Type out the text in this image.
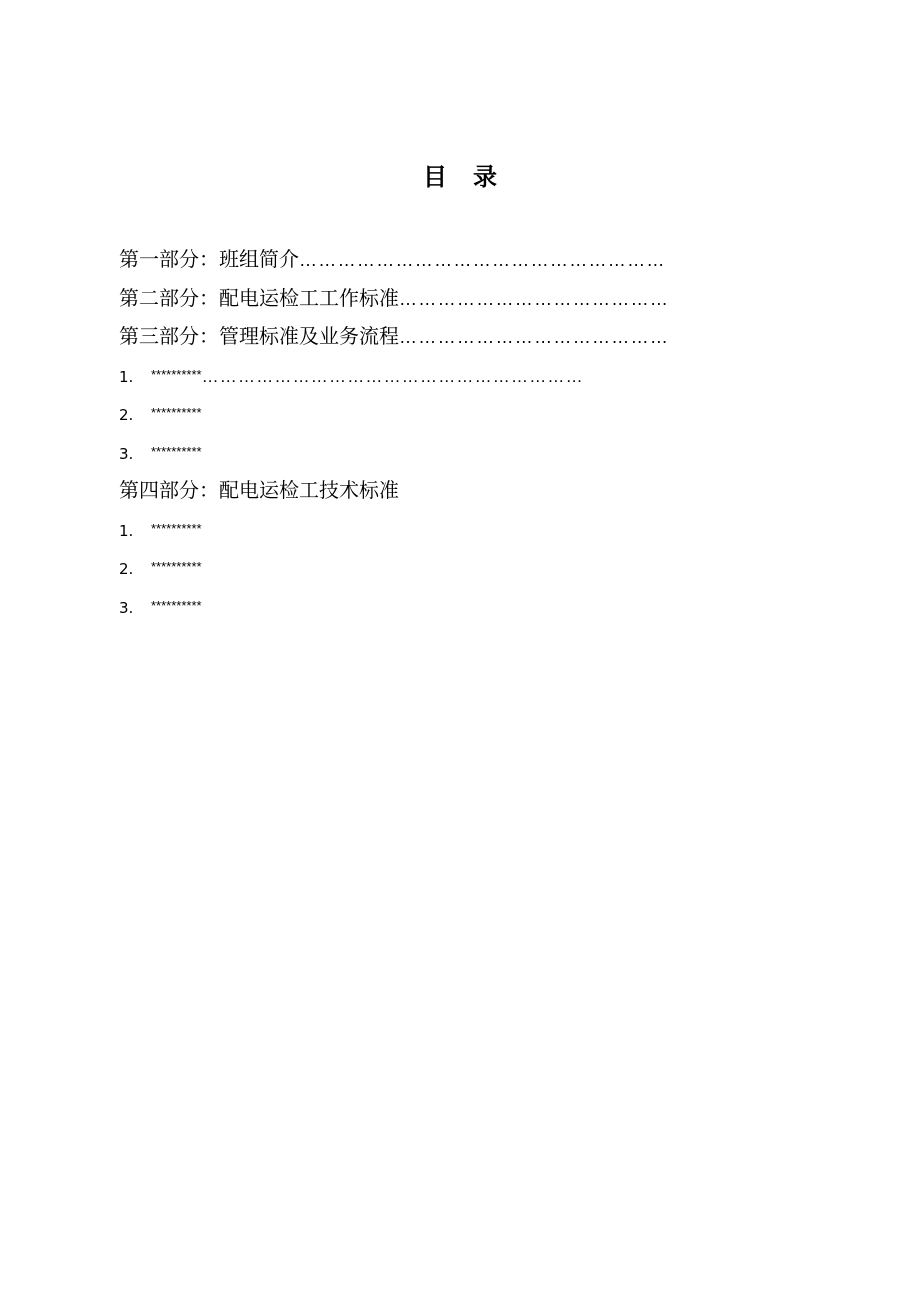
目 录
第一部分：班组简介…………………………………………………
第二部分：配电运检工工作标准……………………………………
第三部分：管理标准及业务流程……………………………………
1. **********………………………………………………………
2. **********
3. **********
第四部分：配电运检工技术标准
1. **********
2. **********
3. **********
